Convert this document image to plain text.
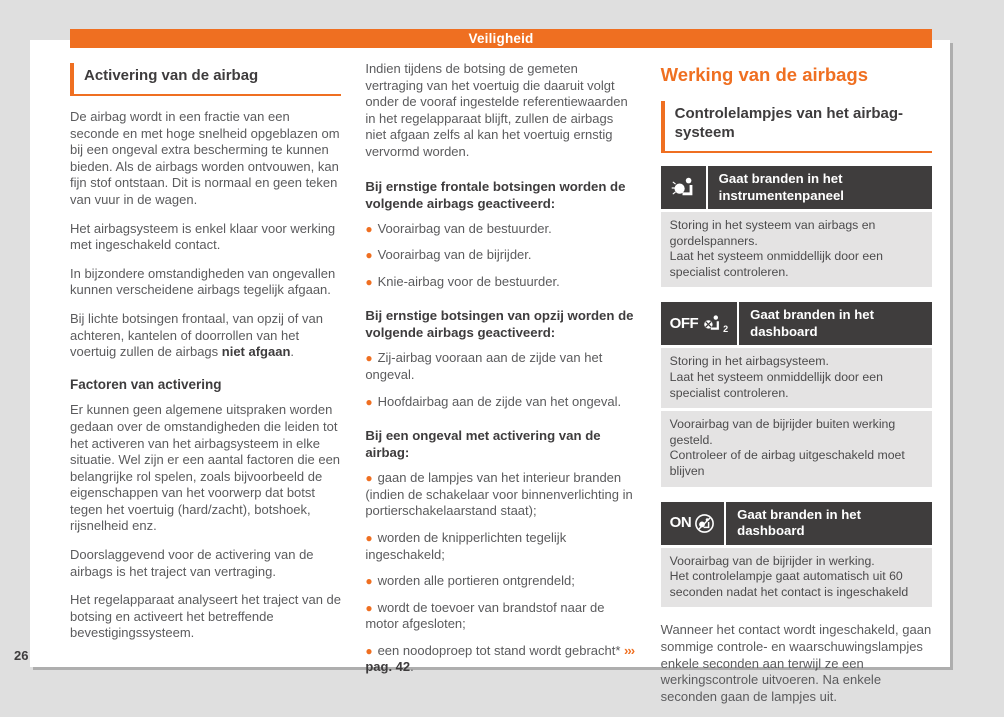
Veiligheid
Activering van de airbag

De airbag wordt in een fractie van een seconde en met hoge snelheid opgeblazen om bij een ongeval extra bescherming te kunnen bieden. Als de airbags worden ontvouwen, kan fijn stof ontstaan. Dit is normaal en geen teken van vuur in de wagen.

Het airbagsysteem is enkel klaar voor werking met ingeschakeld contact.

In bijzondere omstandigheden van ongevallen kunnen verscheidene airbags tegelijk afgaan.

Bij lichte botsingen frontaal, van opzij of van achteren, kantelen of doorrollen van het voertuig zullen de airbags niet afgaan.

Factoren van activering

Er kunnen geen algemene uitspraken worden gedaan over de omstandigheden die leiden tot het activeren van het airbagsysteem in elke situatie. Wel zijn er een aantal factoren die een belangrijke rol spelen, zoals bijvoorbeeld de eigenschappen van het voorwerp dat botst tegen het voertuig (hard/zacht), botshoek, rijsnelheid enz.

Doorslaggevend voor de activering van de airbags is het traject van vertraging.

Het regelapparaat analyseert het traject van de botsing en activeert het betreffende bevestigingssysteem.

Indien tijdens de botsing de gemeten vertraging van het voertuig die daaruit volgt onder de vooraf ingestelde referentiewaarden in het regelapparaat blijft, zullen de airbags niet afgaan zelfs al kan het voertuig ernstig vervormd worden.

Bij ernstige frontale botsingen worden de volgende airbags geactiveerd:
● Voorairbag van de bestuurder.
● Voorairbag van de bijrijder.
● Knie-airbag voor de bestuurder.
Bij ernstige botsingen van opzij worden de volgende airbags geactiveerd:
● Zij-airbag vooraan aan de zijde van het ongeval.
● Hoofdairbag aan de zijde van het ongeval.
Bij een ongeval met activering van de airbag:
● gaan de lampjes van het interieur branden (indien de schakelaar voor binnenverlichting in portierschakelaarstand staat);
● worden de knipperlichten tegelijk ingeschakeld;
● worden alle portieren ontgrendeld;
● wordt de toevoer van brandstof naar de motor afgesloten;
● een noodoproep tot stand wordt gebracht* ››› pag. 42.
Werking van de airbags
Controlelampjes van het airbag-systeem
Gaat branden in het instrumentenpaneel
Storing in het systeem van airbags en gordelspanners.
Laat het systeem onmiddellijk door een specialist controleren.
OFF	2
Gaat branden in het dashboard
Storing in het airbagsysteem.
Laat het systeem onmiddellijk door een specialist controleren.
Voorairbag van de bijrijder buiten werking gesteld.
Controleer of de airbag uitgeschakeld moet blijven
ON	Gaat branden in het dashboard
Voorairbag van de bijrijder in werking.
Het controlelampje gaat automatisch uit 60 seconden nadat het contact is ingeschakeld

Wanneer het contact wordt ingeschakeld, gaan sommige controle- en waarschuwingslampjes enkele seconden aan terwijl ze een werkingscontrole uitvoeren. Na enkele seconden gaan de lampjes uit.

26
